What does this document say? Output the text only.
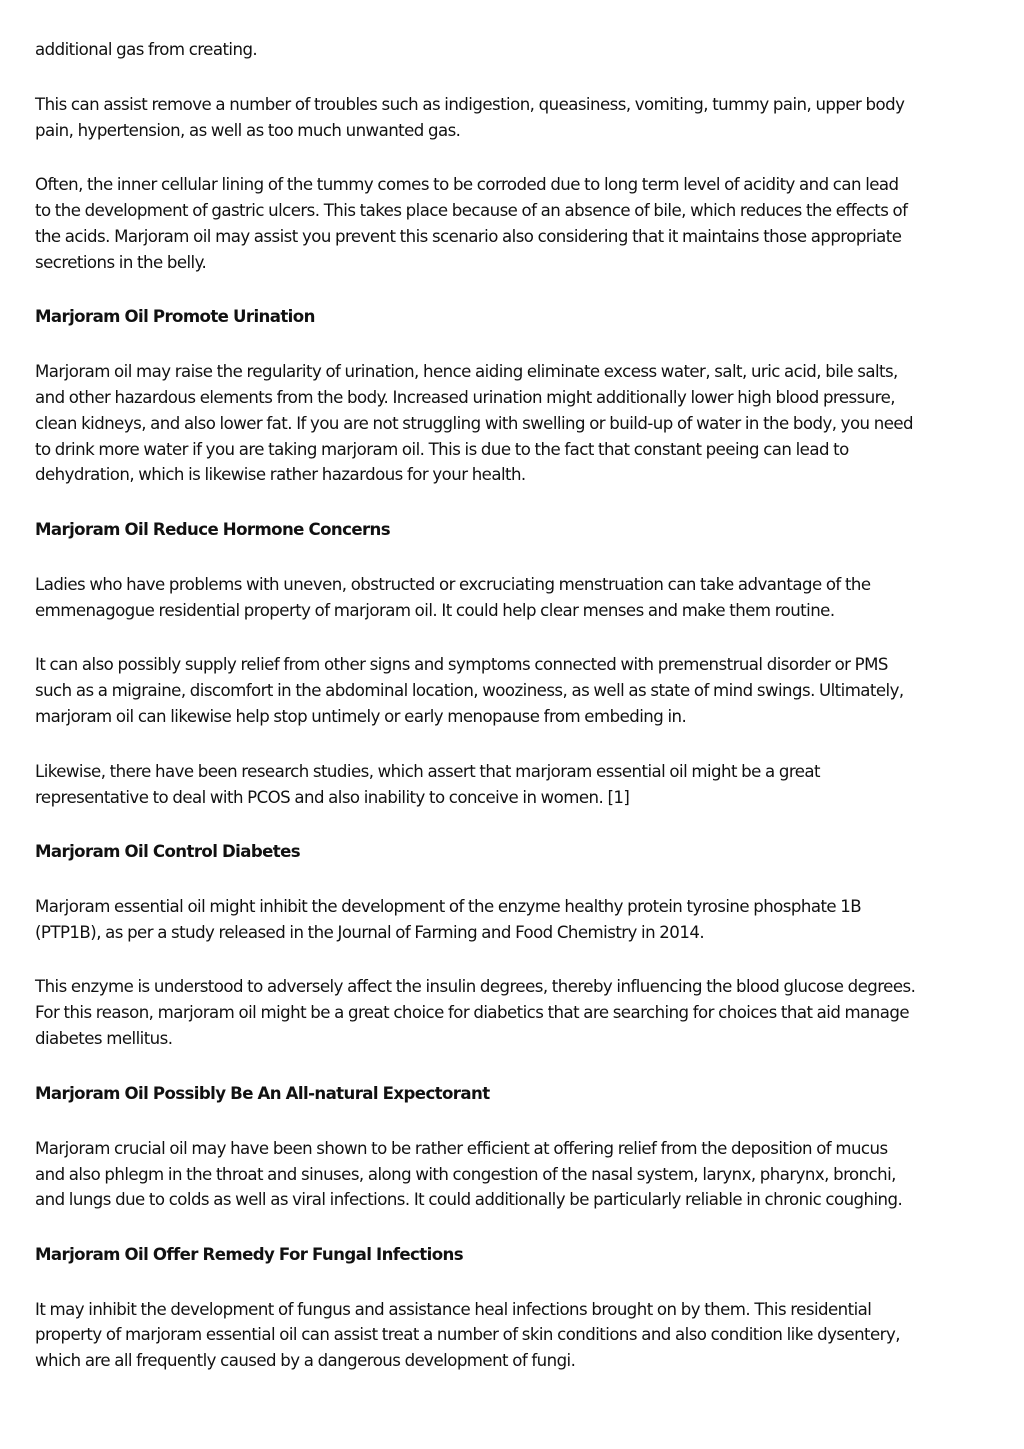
additional gas from creating.
This can assist remove a number of troubles such as indigestion, queasiness, vomiting, tummy pain, upper body
pain, hypertension, as well as too much unwanted gas.
Often, the inner cellular lining of the tummy comes to be corroded due to long term level of acidity and can lead
to the development of gastric ulcers. This takes place because of an absence of bile, which reduces the effects of
the acids. Marjoram oil may assist you prevent this scenario also considering that it maintains those appropriate
secretions in the belly.
Marjoram Oil Promote Urination
Marjoram oil may raise the regularity of urination, hence aiding eliminate excess water, salt, uric acid, bile salts,
and other hazardous elements from the body. Increased urination might additionally lower high blood pressure,
clean kidneys, and also lower fat. If you are not struggling with swelling or build-up of water in the body, you need
to drink more water if you are taking marjoram oil. This is due to the fact that constant peeing can lead to
dehydration, which is likewise rather hazardous for your health.
Marjoram Oil Reduce Hormone Concerns
Ladies who have problems with uneven, obstructed or excruciating menstruation can take advantage of the
emmenagogue residential property of marjoram oil. It could help clear menses and make them routine.
It can also possibly supply relief from other signs and symptoms connected with premenstrual disorder or PMS
such as a migraine, discomfort in the abdominal location, wooziness, as well as state of mind swings. Ultimately,
marjoram oil can likewise help stop untimely or early menopause from embeding in.
Likewise, there have been research studies, which assert that marjoram essential oil might be a great
representative to deal with PCOS and also inability to conceive in women. [1]
Marjoram Oil Control Diabetes
Marjoram essential oil might inhibit the development of the enzyme healthy protein tyrosine phosphate 1B
(PTP1B), as per a study released in the Journal of Farming and Food Chemistry in 2014.
This enzyme is understood to adversely affect the insulin degrees, thereby influencing the blood glucose degrees.
For this reason, marjoram oil might be a great choice for diabetics that are searching for choices that aid manage
diabetes mellitus.
Marjoram Oil Possibly Be An All-natural Expectorant
Marjoram crucial oil may have been shown to be rather efficient at offering relief from the deposition of mucus
and also phlegm in the throat and sinuses, along with congestion of the nasal system, larynx, pharynx, bronchi,
and lungs due to colds as well as viral infections. It could additionally be particularly reliable in chronic coughing.
Marjoram Oil Offer Remedy For Fungal Infections
It may inhibit the development of fungus and assistance heal infections brought on by them. This residential
property of marjoram essential oil can assist treat a number of skin conditions and also condition like dysentery,
which are all frequently caused by a dangerous development of fungi.
